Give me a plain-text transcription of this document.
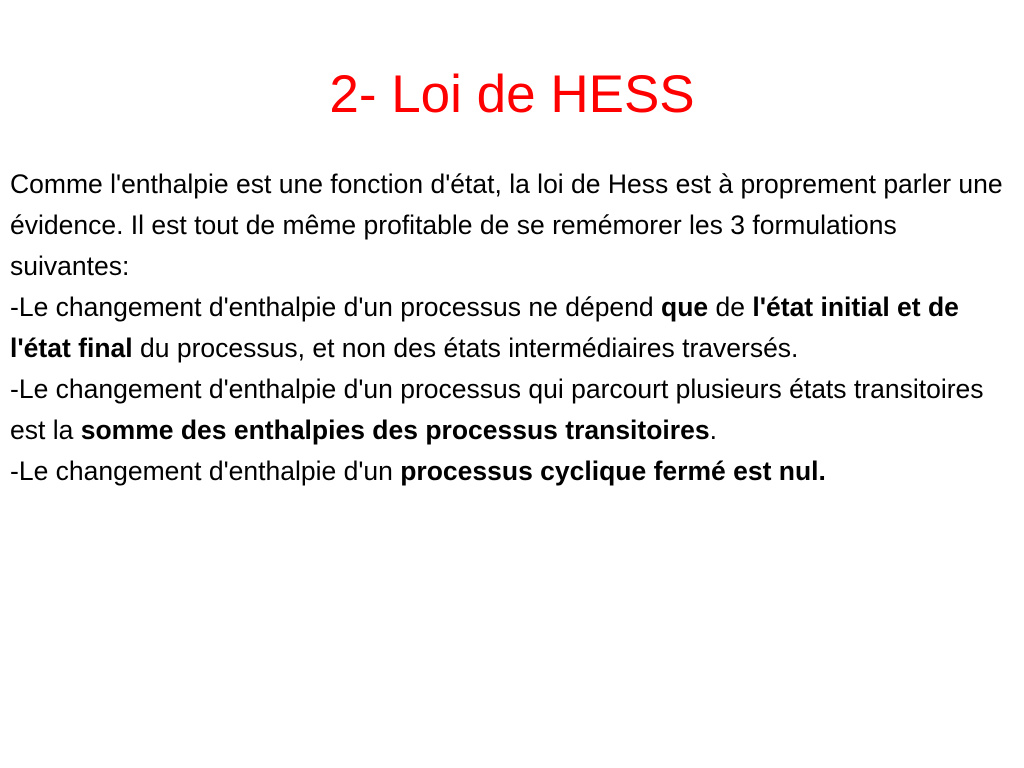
2- Loi de HESS

Comme l'enthalpie est une fonction d'état, la loi de Hess est à proprement parler une évidence. Il est tout de même profitable de se remémorer les 3 formulations suivantes:

-Le changement d'enthalpie d'un processus ne dépend que de l'état initial et de l'état final du processus, et non des états intermédiaires traversés.

-Le changement d'enthalpie d'un processus qui parcourt plusieurs états transitoires est la somme des enthalpies des processus transitoires.

-Le changement d'enthalpie d'un processus cyclique fermé est nul.
